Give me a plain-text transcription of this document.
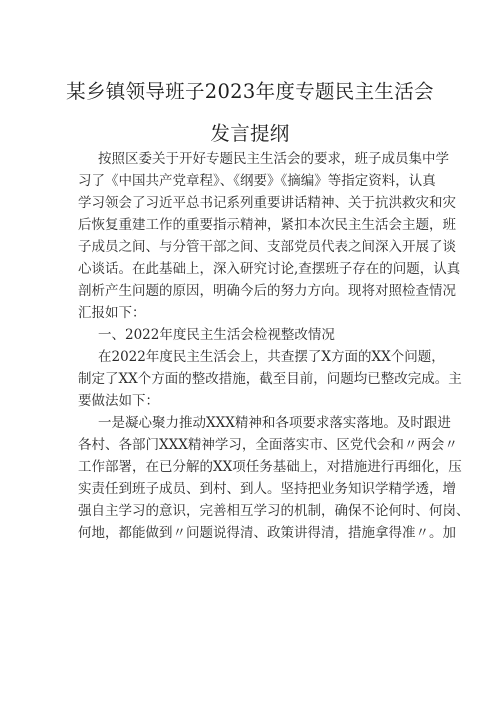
某乡镇领导班子2023年度专题民主生活会
发言提纲
按照区委关于开好专题民主生活会的要求，班子成员集中学
习了《中国共产党章程》、《纲要》《摘编》等指定资料，认真
学习领会了习近平总书记系列重要讲话精神、关于抗洪救灾和灾
后恢复重建工作的重要指示精神，紧扣本次民主生活会主题，班
子成员之间、与分管干部之间、支部党员代表之间深入开展了谈
心谈话。在此基础上，深入研究讨论,查摆班子存在的问题，认真
剖析产生问题的原因，明确今后的努力方向。现将对照检查情况
汇报如下：
一、2022年度民主生活会检视整改情况
在2022年度民主生活会上，共查摆了X方面的XX个问题，
制定了XX个方面的整改措施，截至目前，问题均已整改完成。主
要做法如下：
一是凝心聚力推动XXX精神和各项要求落实落地。及时跟进
各村、各部门XXX精神学习，全面落实市、区党代会和〃两会〃
工作部署，在已分解的XX项任务基础上，对措施进行再细化，压
实责任到班子成员、到村、到人。坚持把业务知识学精学透，增
强自主学习的意识，完善相互学习的机制，确保不论何时、何岗、
何地，都能做到〃问题说得清、政策讲得清，措施拿得准〃。加
